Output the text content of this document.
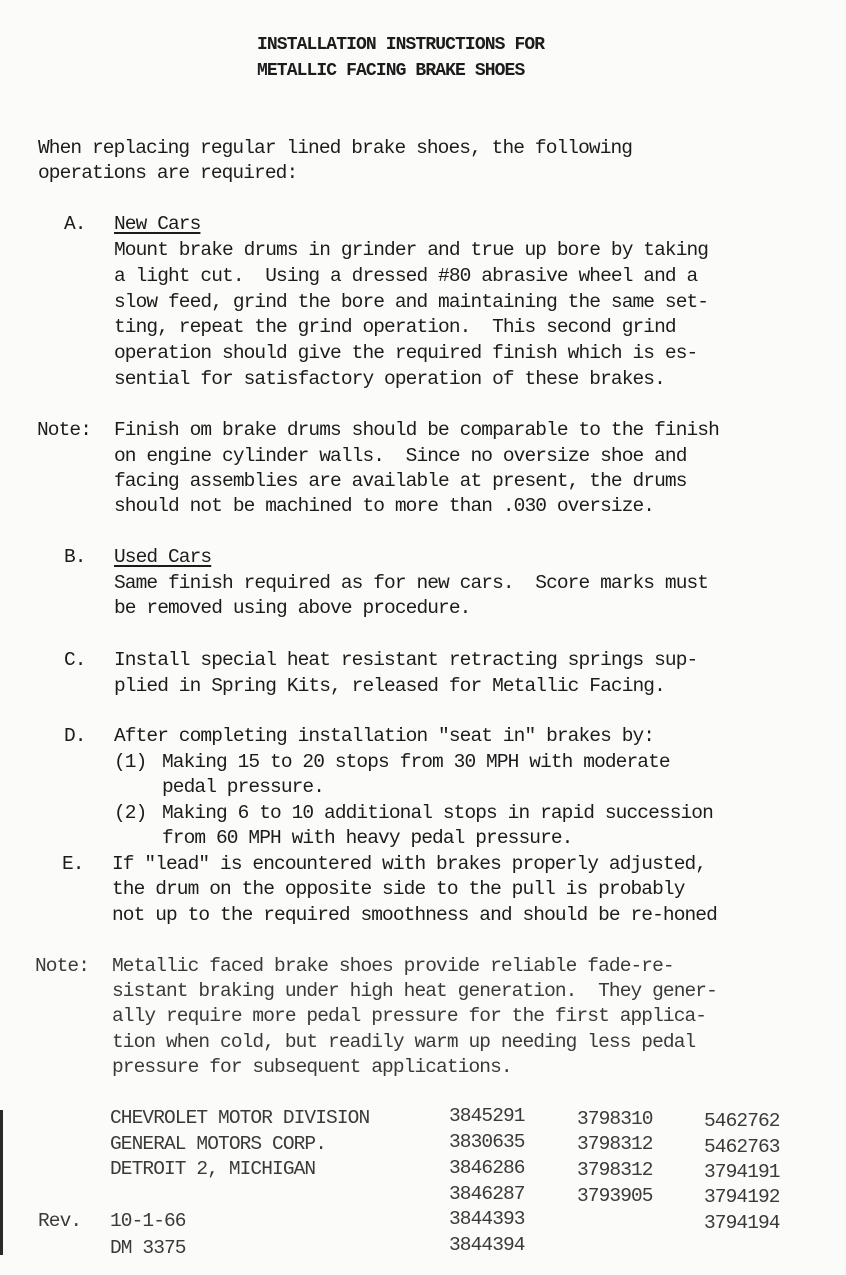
INSTALLATION INSTRUCTIONS FOR
METALLIC FACING BRAKE SHOES
When replacing regular lined brake shoes, the following
operations are required:
A. New Cars
Mount brake drums in grinder and true up bore by taking
a light cut.  Using a dressed #80 abrasive wheel and a
slow feed, grind the bore and maintaining the same set-
ting, repeat the grind operation.  This second grind
operation should give the required finish which is es-
sential for satisfactory operation of these brakes.
Note: Finish om brake drums should be comparable to the finish
on engine cylinder walls.  Since no oversize shoe and
facing assemblies are available at present, the drums
should not be machined to more than .030 oversize.
B. Used Cars
Same finish required as for new cars.  Score marks must
be removed using above procedure.
C. Install special heat resistant retracting springs sup-
plied in Spring Kits, released for Metallic Facing.
D. After completing installation "seat in" brakes by:
(1) Making 15 to 20 stops from 30 MPH with moderate
pedal pressure.
(2) Making 6 to 10 additional stops in rapid succession
from 60 MPH with heavy pedal pressure.
E. If "lead" is encountered with brakes properly adjusted,
the drum on the opposite side to the pull is probably
not up to the required smoothness and should be re-honed
Note: Metallic faced brake shoes provide reliable fade-re-
sistant braking under high heat generation.  They gener-
ally require more pedal pressure for the first applica-
tion when cold, but readily warm up needing less pedal
pressure for subsequent applications.
CHEVROLET MOTOR DIVISION
GENERAL MOTORS CORP.
DETROIT 2, MICHIGAN
Rev. 10-1-66
DM 3375
3845291
3830635
3846286
3846287
3844393
3844394
3798310
3798312
3798312
3793905
5462762
5462763
3794191
3794192
3794194
